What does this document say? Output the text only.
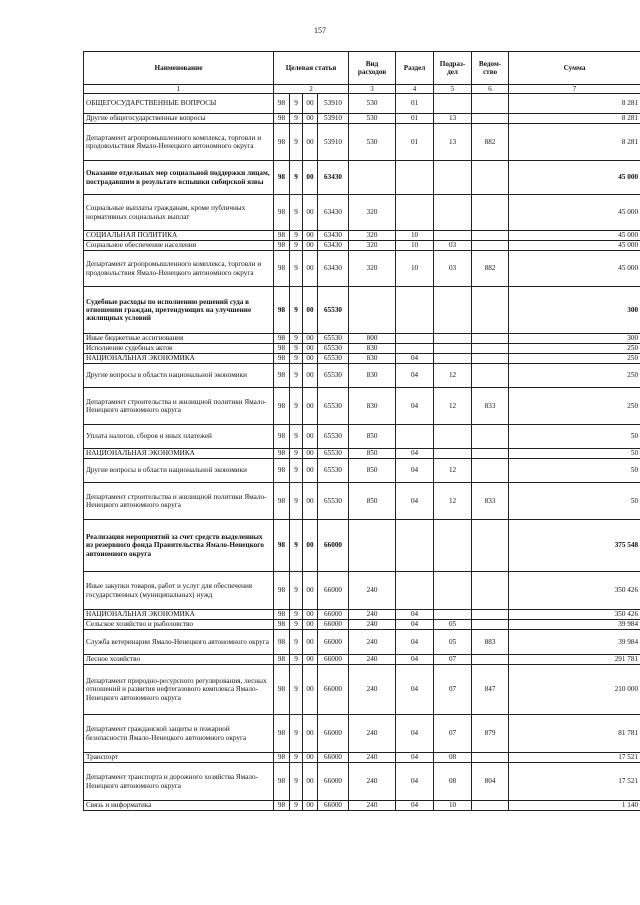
157
Наименование	Целевая статья				Вид расходов	Раздел	Подраз-дел	Ведом-ство	Сумма
1	2				3	4	5	6	7
ОБЩЕГОСУДАРСТВЕННЫЕ ВОПРОСЫ	98	9	00	53910	530	01			8 281
Другие общегосударственные вопросы	98	9	00	53910	530	01	13		8 281
Департамент агропромышленного комплекса, торговли и продовольствия Ямало-Ненецкого автономного округа	98	9	00	53910	530	01	13	882	8 281
Оказание отдельных мер социальной поддержки лицам, пострадавшим в результате вспышки сибирской язвы	98	9	00	63430					45 000
Социальные выплаты гражданам, кроме публичных нормативных социальных выплат	98	9	00	63430	320				45 000
СОЦИАЛЬНАЯ ПОЛИТИКА	98	9	00	63430	320	10			45 000
Социальное обеспечение населения	98	9	00	63430	320	10	03		45 000
Департамент агропромышленного комплекса, торговли и продовольствия Ямало-Ненецкого автономного округа	98	9	00	63430	320	10	03	882	45 000
Судебные расходы по исполнению решений суда в отношении граждан, претендующих на улучшение жилищных условий	98	9	00	65530					300
Иные бюджетные ассигнования	98	9	00	65530	800				300
Исполнение судебных актов	98	9	00	65530	830				250
НАЦИОНАЛЬНАЯ ЭКОНОМИКА	98	9	00	65530	830	04			250
Другие вопросы в области национальной экономики	98	9	00	65530	830	04	12		250
Департамент строительства и жилищной политики Ямало-Ненецкого автономного округа	98	9	00	65530	830	04	12	833	250
Уплата налогов, сборов и иных платежей	98	9	00	65530	850				50
НАЦИОНАЛЬНАЯ ЭКОНОМИКА	98	9	00	65530	850	04			50
Другие вопросы в области национальной экономики	98	9	00	65530	850	04	12		50
Департамент строительства и жилищной политики Ямало-Ненецкого автономного округа	98	9	00	65530	850	04	12	833	50
Реализация мероприятий за счет средств выделенных из резервного фонда Правительства Ямало-Ненецкого автономного округа	98	9	00	66000					375 548
Иные закупки товаров, работ и услуг для обеспечения государственных (муниципальных) нужд	98	9	00	66000	240				350 426
НАЦИОНАЛЬНАЯ ЭКОНОМИКА	98	9	00	66000	240	04			350 426
Сельское хозяйство и рыболовство	98	9	00	66000	240	04	05		39 984
Служба ветеринарии Ямало-Ненецкого автономного округа	98	9	00	66000	240	04	05	883	39 984
Лесное хозяйство	98	9	00	66000	240	04	07		291 781
Департамент природно-ресурсного регулирования, лесных отношений и развития нефтегазового комплекса Ямало-Ненецкого автономного округа	98	9	00	66000	240	04	07	847	210 000
Департамент гражданской защиты и пожарной безопасности Ямало-Ненецкого автономного округа	98	9	00	66000	240	04	07	879	81 781
Транспорт	98	9	00	66000	240	04	08		17 521
Департамент транспорта и дорожного хозяйства Ямало-Ненецкого автономного округа	98	9	00	66000	240	04	08	804	17 521
Связь и информатика	98	9	00	66000	240	04	10		1 140
